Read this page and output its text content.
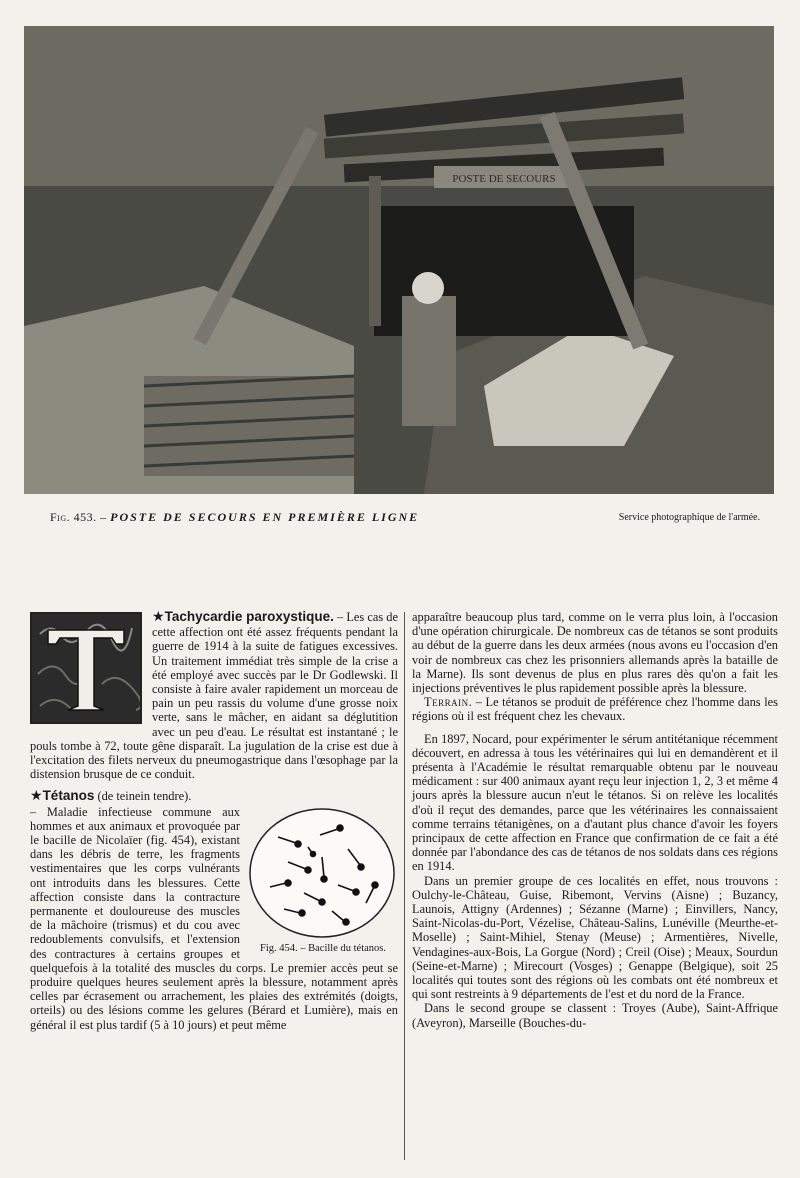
POSTE DE SECOURS
Fig. 453. – POSTE DE SECOURS EN PREMIÈRE LIGNE	Service photographique de l'armée.

★Tachycardie paroxystique. – Les cas de cette affection ont été assez fréquents pendant la guerre de 1914 à la suite de fatigues excessives. Un traitement immédiat très simple de la crise a été employé avec succès par le Dr Godlewski. Il consiste à faire avaler rapidement un morceau de pain un peu rassis du volume d'une grosse noix verte, sans le mâcher, en aidant sa déglutition avec un peu d'eau. Le résultat est instantané ; le pouls tombe à 72, toute gêne disparaît. La jugulation de la crise est due à l'excitation des filets nerveux du pneumogastrique dans l'œsophage par la distension brusque de ce conduit.

★Tétanos (de teinein tendre).

Fig. 454. – Bacille du tétanos.

– Maladie infectieuse commune aux hommes et aux animaux et provoquée par le bacille de Nicolaïer (fig. 454), existant dans les débris de terre, les fragments vestimentaires que les corps vulnérants ont introduits dans les blessures. Cette affection consiste dans la contracture permanente et douloureuse des muscles de la mâchoire (trismus) et du cou avec redoublements convulsifs, et l'extension des contractures à certains groupes et quelquefois à la totalité des muscles du corps. Le premier accès peut se produire quelques heures seulement après la blessure, notamment après celles par écrasement ou arrachement, les plaies des extrémités (doigts, orteils) ou des lésions comme les gelures (Bérard et Lumière), mais en général il est plus tardif (5 à 10 jours) et peut même

apparaître beaucoup plus tard, comme on le verra plus loin, à l'occasion d'une opération chirurgicale. De nombreux cas de tétanos se sont produits au début de la guerre dans les deux armées (nous avons eu l'occasion d'en voir de nombreux cas chez les prisonniers allemands après la bataille de la Marne). Ils sont devenus de plus en plus rares dès qu'on a fait les injections préventives le plus rapidement possible après la blessure.

Terrain. – Le tétanos se produit de préférence chez l'homme dans les régions où il est fréquent chez les chevaux.

En 1897, Nocard, pour expérimenter le sérum antitétanique récemment découvert, en adressa à tous les vétérinaires qui lui en demandèrent et il présenta à l'Académie le résultat remarquable obtenu par le nouveau médicament : sur 400 animaux ayant reçu leur injection 1, 2, 3 et même 4 jours après la blessure aucun n'eut le tétanos. Si on relève les localités d'où il reçut des demandes, parce que les vétérinaires les connaissaient comme terrains tétanigènes, on a d'autant plus chance d'avoir les foyers principaux de cette affection en France que confirmation de ce fait a été donnée par l'abondance des cas de tétanos de nos soldats dans ces régions en 1914.

Dans un premier groupe de ces localités en effet, nous trouvons : Oulchy-le-Château, Guise, Ribemont, Vervins (Aisne) ; Buzancy, Launois, Attigny (Ardennes) ; Sézanne (Marne) ; Einvillers, Nancy, Saint-Nicolas-du-Port, Vézelise, Château-Salins, Lunéville (Meurthe-et-Moselle) ; Saint-Mihiel, Stenay (Meuse) ; Armentières, Nivelle, Vendagines-aux-Bois, La Gorgue (Nord) ; Creil (Oise) ; Meaux, Sourdun (Seine-et-Marne) ; Mirecourt (Vosges) ; Genappe (Belgique), soit 25 localités qui toutes sont des régions où les combats ont été nombreux et qui sont restreints à 9 départements de l'est et du nord de la France.

Dans le second groupe se classent : Troyes (Aube), Saint-Affrique (Aveyron), Marseille (Bouches-du-
